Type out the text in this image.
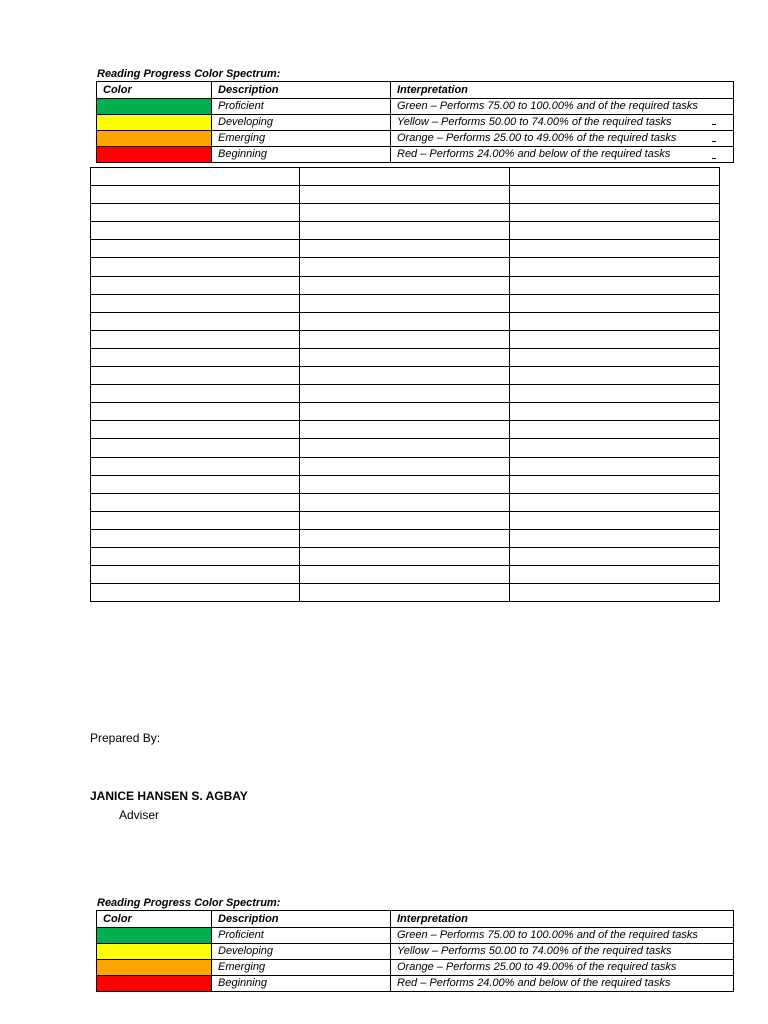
Reading Progress Color Spectrum:
Color	Description	Interpretation
	Proficient	Green – Performs 75.00 to 100.00% and of the required tasks
	Developing	Yellow – Performs 50.00 to 74.00% of the required tasks
	Emerging	Orange – Performs 25.00 to 49.00% of the required tasks
	Beginning	Red – Performs 24.00% and below of the required tasks

Prepared By:
JANICE HANSEN S. AGBAY
Adviser
Reading Progress Color Spectrum:
Color	Description	Interpretation
	Proficient	Green – Performs 75.00 to 100.00% and of the required tasks
	Developing	Yellow – Performs 50.00 to 74.00% of the required tasks
	Emerging	Orange – Performs 25.00 to 49.00% of the required tasks
	Beginning	Red – Performs 24.00% and below of the required tasks
